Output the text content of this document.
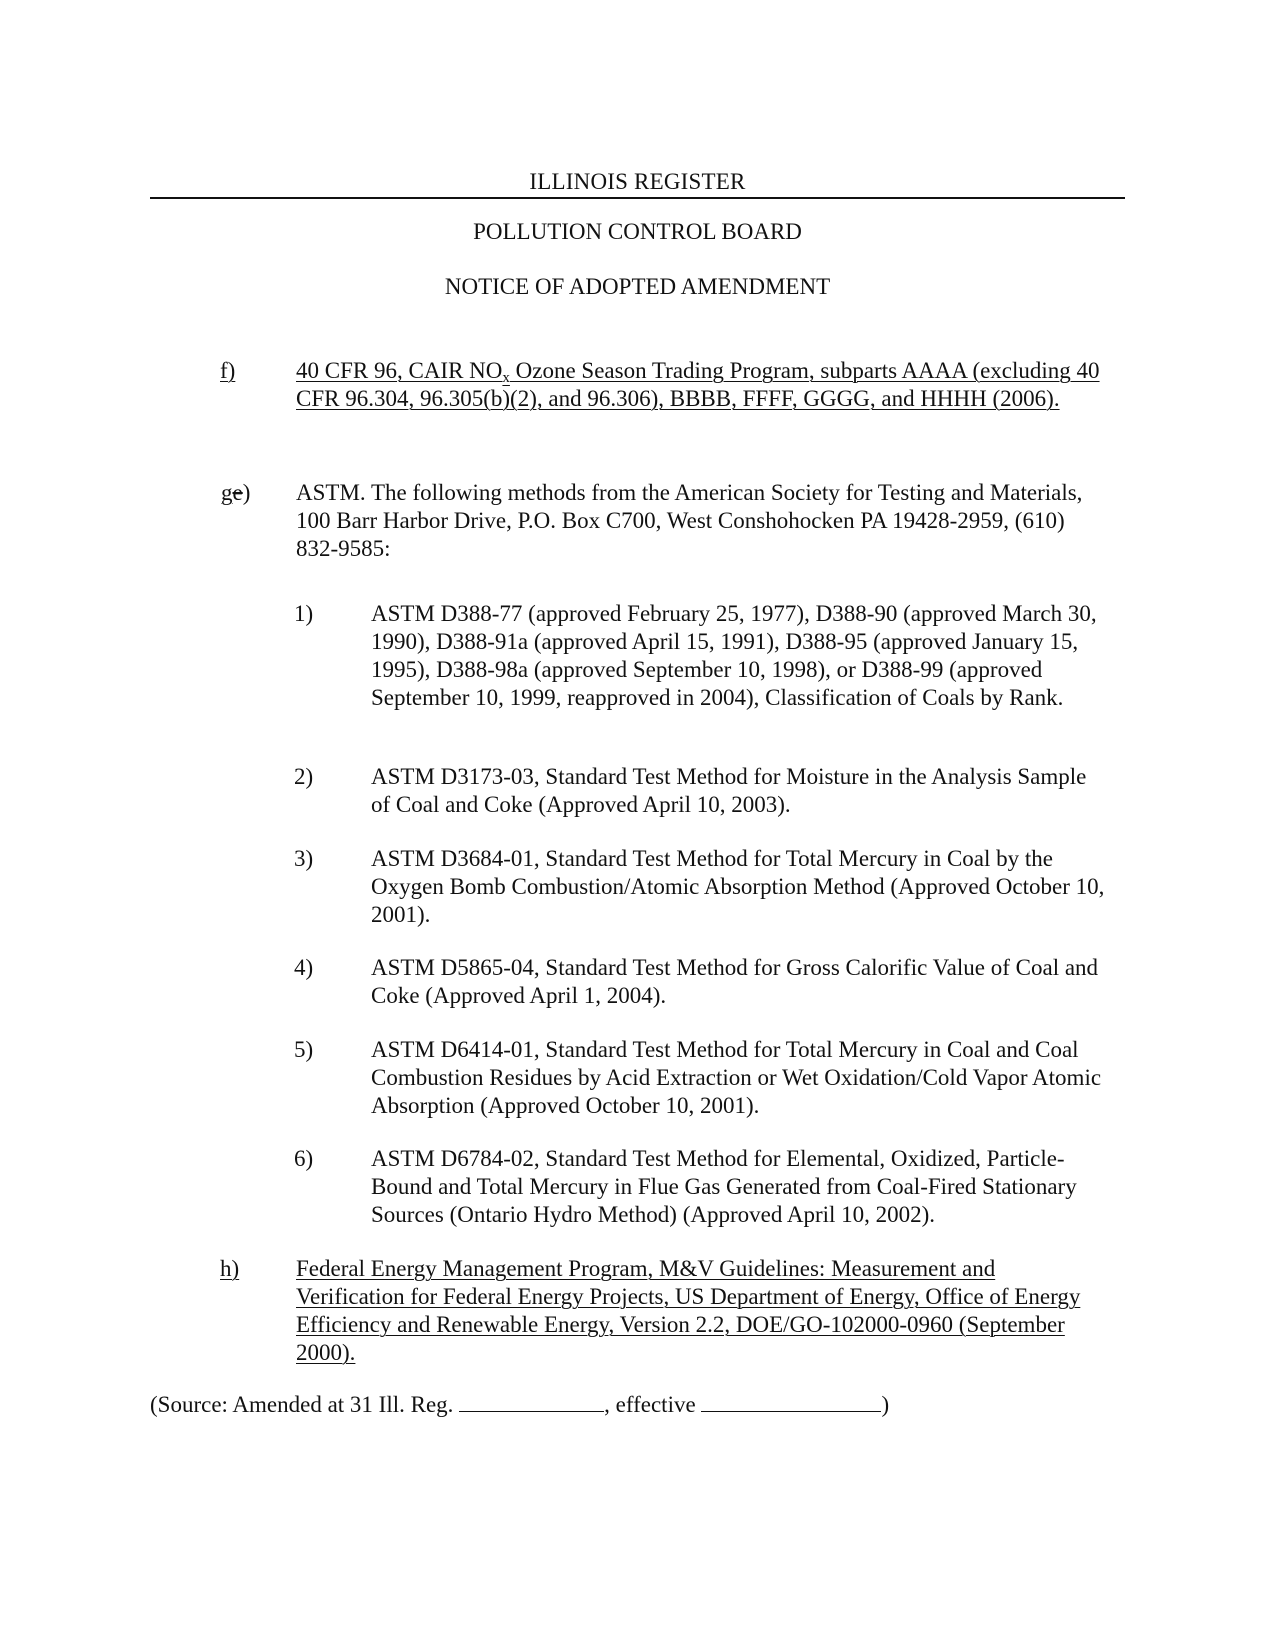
ILLINOIS REGISTER
POLLUTION CONTROL BOARD
NOTICE OF ADOPTED AMENDMENT
f)	40 CFR 96, CAIR $NO_x$ Ozone Season Trading Program, subparts AAAA (excluding 40 CFR 96.304, 96.305(b)(2), and 96.306), BBBB, FFFF, GGGG, and HHHH (2006).
ge) ASTM. The following methods from the American Society for Testing and Materials, 100 Barr Harbor Drive, P.O. Box C700, West Conshohocken PA 19428-2959, (610) 832-9585:
1)	ASTM D388-77 (approved February 25, 1977), D388-90 (approved March 30, 1990), D388-91a (approved April 15, 1991), D388-95 (approved January 15, 1995), D388-98a (approved September 10, 1998), or D388-99 (approved September 10, 1999, reapproved in 2004), Classification of Coals by Rank.
2)	ASTM D3173-03, Standard Test Method for Moisture in the Analysis Sample of Coal and Coke (Approved April 10, 2003).
3)	ASTM D3684-01, Standard Test Method for Total Mercury in Coal by the Oxygen Bomb Combustion/Atomic Absorption Method (Approved October 10, 2001).
4)	ASTM D5865-04, Standard Test Method for Gross Calorific Value of Coal and Coke (Approved April 1, 2004).
5)	ASTM D6414-01, Standard Test Method for Total Mercury in Coal and Coal Combustion Residues by Acid Extraction or Wet Oxidation/Cold Vapor Atomic Absorption (Approved October 10, 2001).
6)	ASTM D6784-02, Standard Test Method for Elemental, Oxidized, Particle-Bound and Total Mercury in Flue Gas Generated from Coal-Fired Stationary Sources (Ontario Hydro Method) (Approved April 10, 2002).
h) Federal Energy Management Program, M&V Guidelines: Measurement and Verification for Federal Energy Projects, US Department of Energy, Office of Energy Efficiency and Renewable Energy, Version 2.2, DOE/GO-102000-0960 (September 2000).
(Source: Amended at 31 Ill. Reg.	, effective	)
